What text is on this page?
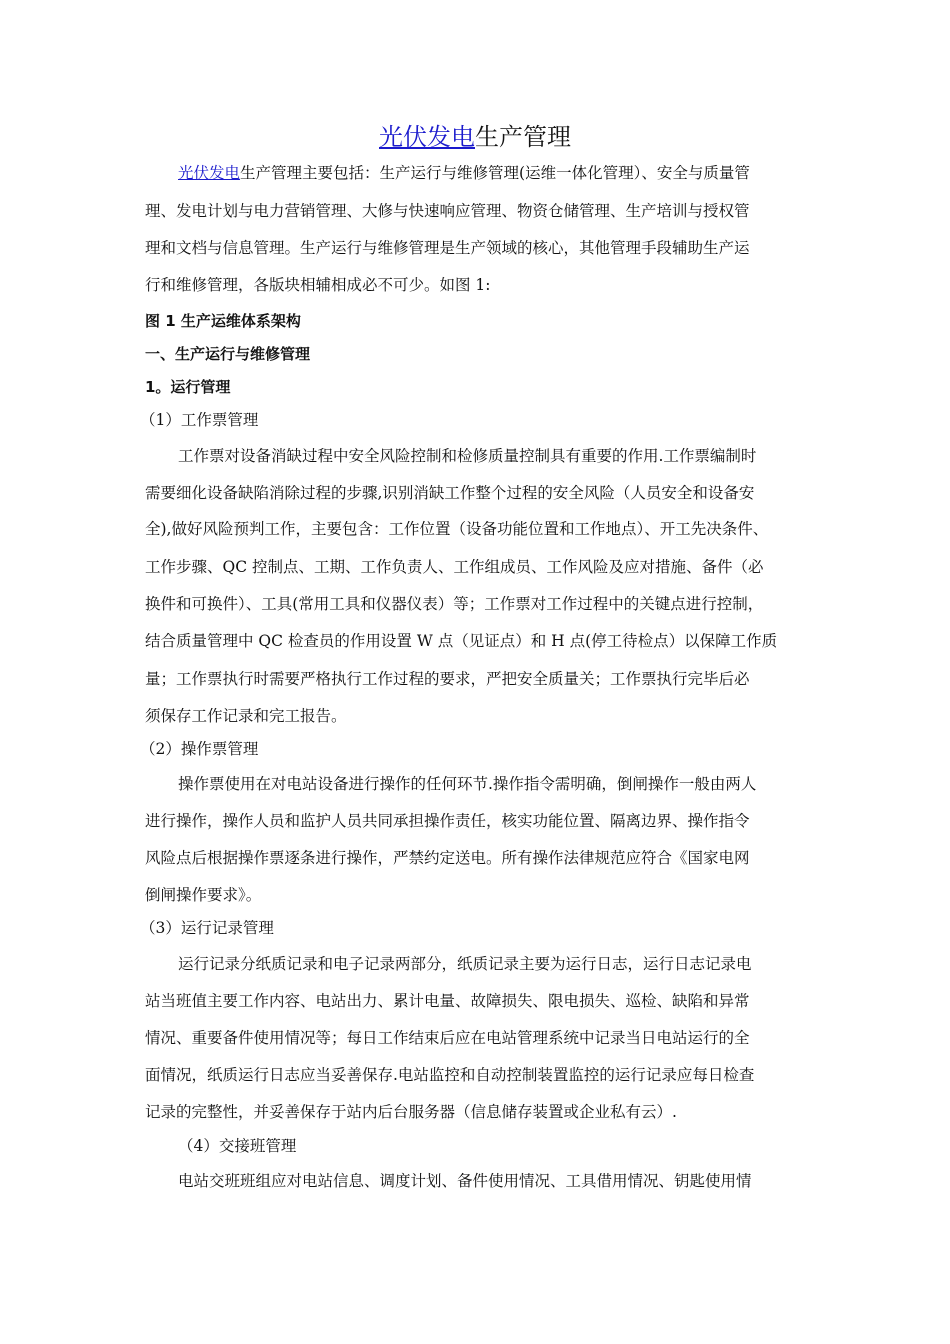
光伏发电生产管理
光伏发电生产管理主要包括：生产运行与维修管理(运维一体化管理）、安全与质量管
理、发电计划与电力营销管理、大修与快速响应管理、物资仓储管理、生产培训与授权管
理和文档与信息管理。生产运行与维修管理是生产领域的核心，其他管理手段辅助生产运
行和维修管理，各版块相辅相成必不可少。如图 1:
图 1 生产运维体系架构
一、生产运行与维修管理
1。运行管理
（1）工作票管理
工作票对设备消缺过程中安全风险控制和检修质量控制具有重要的作用.工作票编制时
需要细化设备缺陷消除过程的步骤,识别消缺工作整个过程的安全风险（人员安全和设备安
全),做好风险预判工作，主要包含：工作位置（设备功能位置和工作地点）、开工先决条件、
工作步骤、QC 控制点、工期、工作负责人、工作组成员、工作风险及应对措施、备件（必
换件和可换件）、工具(常用工具和仪器仪表）等；工作票对工作过程中的关键点进行控制，
结合质量管理中 QC 检查员的作用设置 W 点（见证点）和 H 点(停工待检点）以保障工作质
量；工作票执行时需要严格执行工作过程的要求，严把安全质量关；工作票执行完毕后必
须保存工作记录和完工报告。
（2）操作票管理
操作票使用在对电站设备进行操作的任何环节.操作指令需明确，倒闸操作一般由两人
进行操作，操作人员和监护人员共同承担操作责任，核实功能位置、隔离边界、操作指令
风险点后根据操作票逐条进行操作，严禁约定送电。所有操作法律规范应符合《国家电网
倒闸操作要求》。
（3）运行记录管理
运行记录分纸质记录和电子记录两部分，纸质记录主要为运行日志，运行日志记录电
站当班值主要工作内容、电站出力、累计电量、故障损失、限电损失、巡检、缺陷和异常
情况、重要备件使用情况等；每日工作结束后应在电站管理系统中记录当日电站运行的全
面情况，纸质运行日志应当妥善保存.电站监控和自动控制装置监控的运行记录应每日检查
记录的完整性，并妥善保存于站内后台服务器（信息储存装置或企业私有云）.
（4）交接班管理
电站交班班组应对电站信息、调度计划、备件使用情况、工具借用情况、钥匙使用情
